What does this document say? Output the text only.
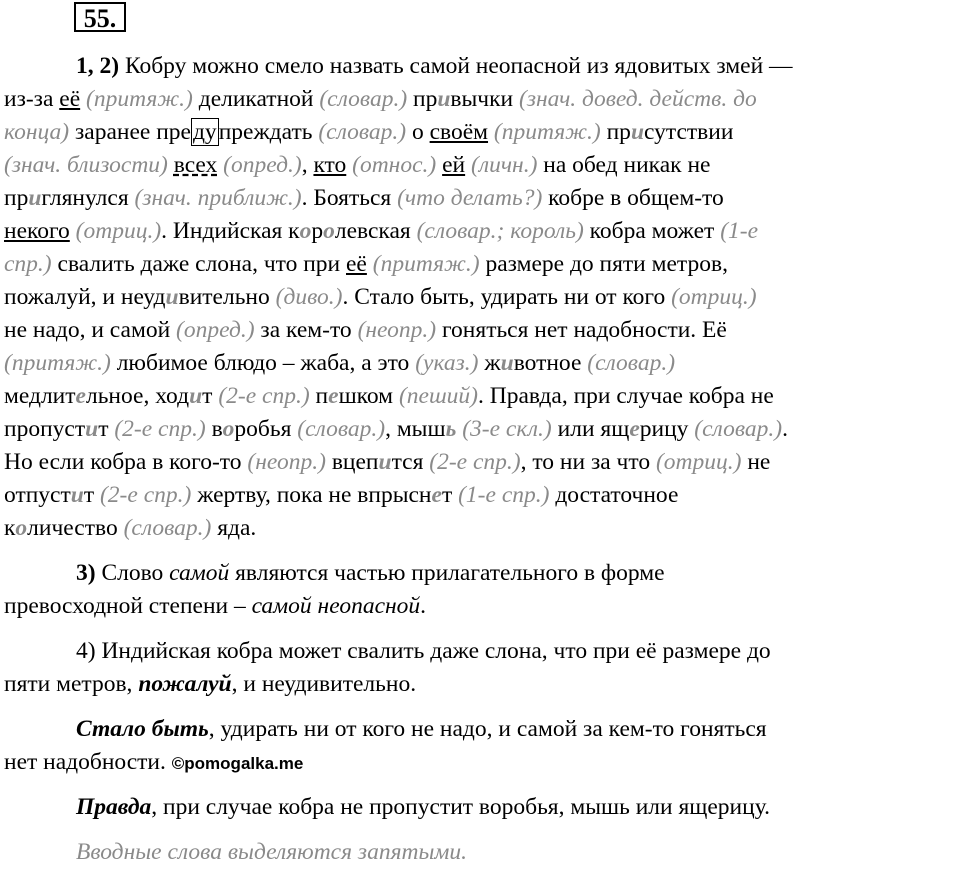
55.
1, 2) Кобру можно смело назвать самой неопасной из ядовитых змей —
из-за её (притяж.) деликатной (словар.) привычки (знач. довед. действ. до
конца) заранее предупреждать (словар.) о своём (притяж.) присутствии
(знач. близости) всех (опред.), кто (относ.) ей (личн.) на обед никак не
приглянулся (знач. приближ.). Бояться (что делать?) кобре в общем-то
некого (отриц.). Индийская королевская (словар.; король) кобра может (1-е
спр.) свалить даже слона, что при её (притяж.) размере до пяти метров,
пожалуй, и неудивительно (диво.). Стало быть, удирать ни от кого (отриц.)
не надо, и самой (опред.) за кем-то (неопр.) гоняться нет надобности. Её
(притяж.) любимое блюдо – жаба, а это (указ.) животное (словар.)
медлительное, ходит (2-е спр.) пешком (пеший). Правда, при случае кобра не
пропустит (2-е спр.) воробья (словар.), мышь (3-е скл.) или ящерицу (словар.).
Но если кобра в кого-то (неопр.) вцепится (2-е спр.), то ни за что (отриц.) не
отпустит (2-е спр.) жертву, пока не впрыснет (1-е спр.) достаточное
количество (словар.) яда.
3) Слово самой являются частью прилагательного в форме
превосходной степени – самой неопасной.
4) Индийская кобра может свалить даже слона, что при её размере до
пяти метров, пожалуй, и неудивительно.
Стало быть, удирать ни от кого не надо, и самой за кем-то гоняться
нет надобности. ©pomogalka.me
Правда, при случае кобра не пропустит воробья, мышь или ящерицу.
Вводные слова выделяются запятыми.
